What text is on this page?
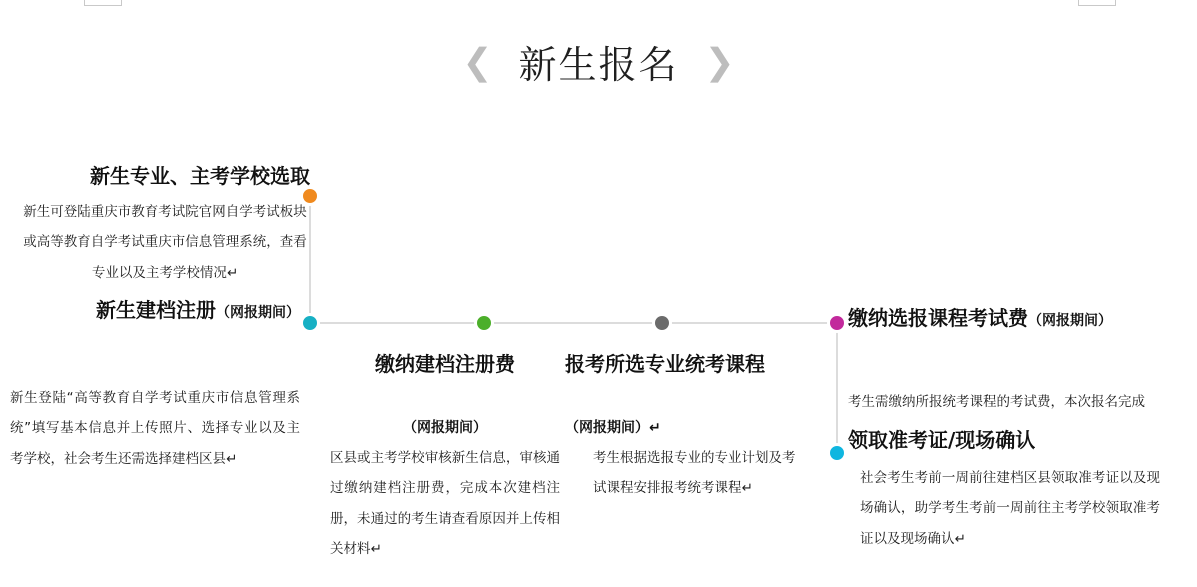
❮ 新生报名 ❯
新生专业、主考学校选取
新生可登陆重庆市教育考试院官网自学考试板块或高等教育自学考试重庆市信息管理系统，查看专业以及主考学校情况↵
新生建档注册（网报期间）
新生登陆“高等教育自学考试重庆市信息管理系统”填写基本信息并上传照片、选择专业以及主考学校，社会考生还需选择建档区县↵
缴纳建档注册费
（网报期间）
区县或主考学校审核新生信息，审核通过缴纳建档注册费，完成本次建档注册，未通过的考生请查看原因并上传相关材料↵
报考所选专业统考课程
（网报期间）↵
考生根据选报专业的专业计划及考试课程安排报考统考课程↵
缴纳选报课程考试费（网报期间）
考生需缴纳所报统考课程的考试费，本次报名完成
领取准考证/现场确认
社会考生考前一周前往建档区县领取准考证以及现场确认，助学考生考前一周前往主考学校领取准考证以及现场确认↵
